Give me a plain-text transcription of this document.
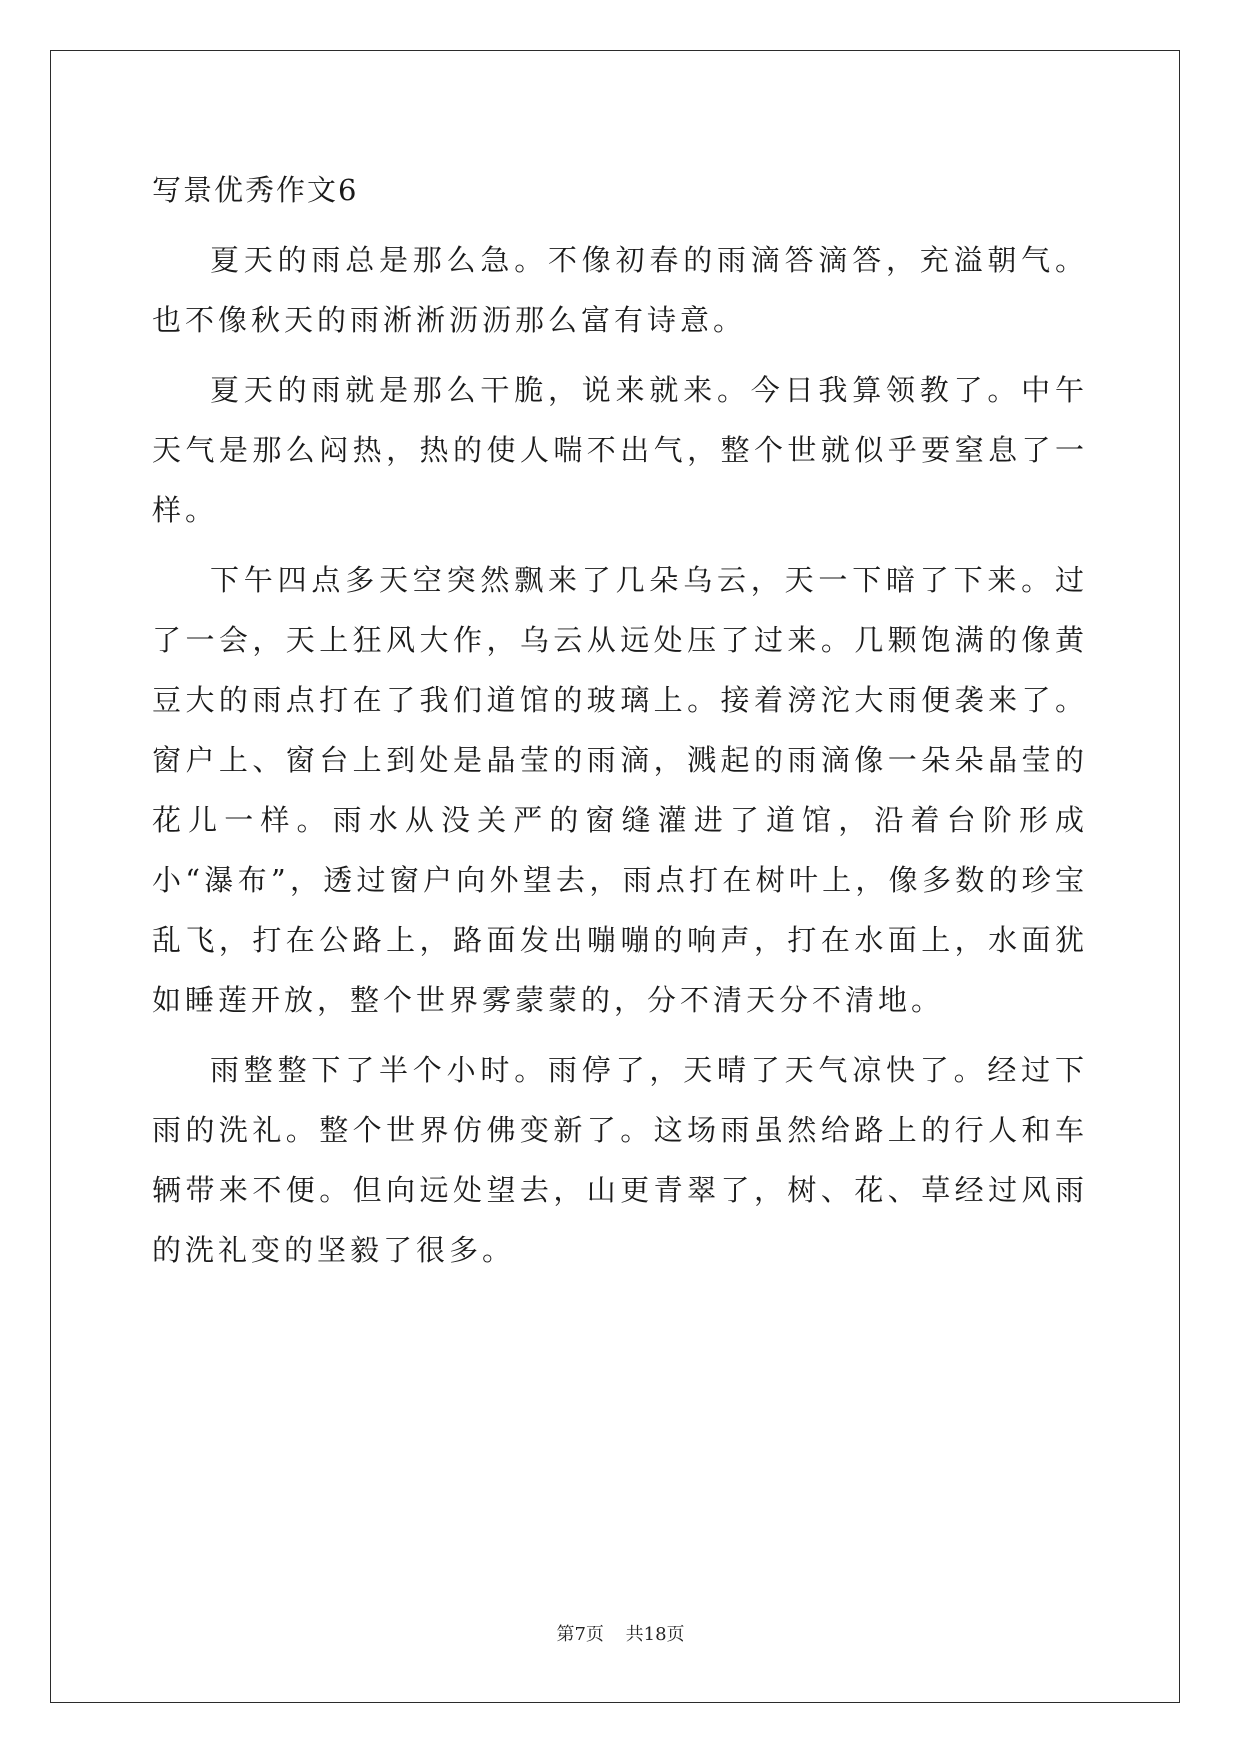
写景优秀作文6

夏天的雨总是那么急。不像初春的雨滴答滴答，充溢朝气。也不像秋天的雨淅淅沥沥那么富有诗意。

夏天的雨就是那么干脆，说来就来。今日我算领教了。中午天气是那么闷热，热的使人喘不出气，整个世就似乎要窒息了一样。

下午四点多天空突然飘来了几朵乌云，天一下暗了下来。过了一会，天上狂风大作，乌云从远处压了过来。几颗饱满的像黄豆大的雨点打在了我们道馆的玻璃上。接着滂沱大雨便袭来了。窗户上、窗台上到处是晶莹的雨滴，溅起的雨滴像一朵朵晶莹的花儿一样。雨水从没关严的窗缝灌进了道馆，沿着台阶形成小“瀑布”，透过窗户向外望去，雨点打在树叶上，像多数的珍宝乱飞，打在公路上，路面发出嘣嘣的响声，打在水面上，水面犹如睡莲开放，整个世界雾蒙蒙的，分不清天分不清地。

雨整整下了半个小时。雨停了，天晴了天气凉快了。经过下雨的洗礼。整个世界仿佛变新了。这场雨虽然给路上的行人和车辆带来不便。但向远处望去，山更青翠了，树、花、草经过风雨的洗礼变的坚毅了很多。

第7页 共18页
